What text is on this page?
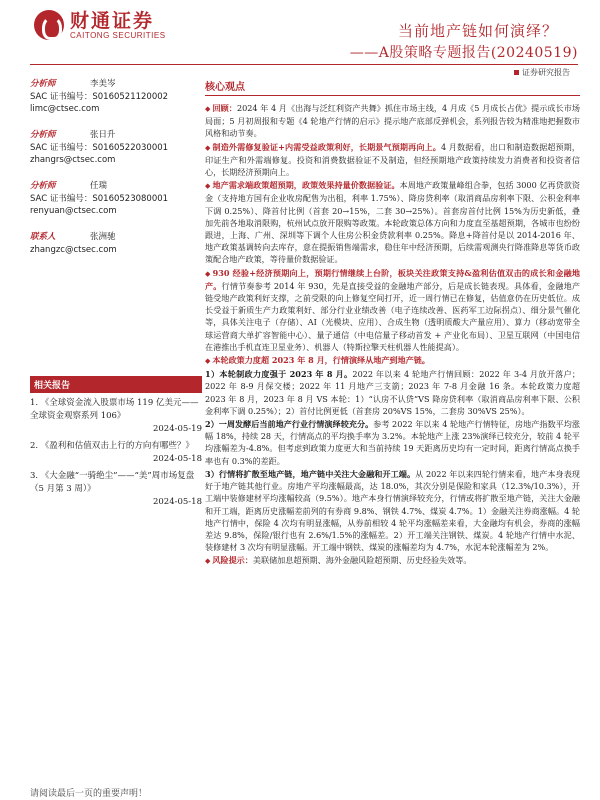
财通证券
CAITONG SECURITIES	当前地产链如何演绎？
——A股策略专题报告(20240519)
证券研究报告
分析师	李美岑
SAC 证书编号：S0160521120002
limc@ctsec.com
分析师	张日升
SAC 证书编号：S0160522030001
zhangrs@ctsec.com
分析师	任瑞
SAC 证书编号：S0160523080001
renyuan@ctsec.com
联系人	张洲驰
zhangzc@ctsec.com
相关报告
1. 《全球资金流入股票市场 119 亿美元——全球资金观察系列 106》
2024-05-19
2. 《盈利和估值双击上行的方向有哪些？》
2024-05-18
3. 《大金融“一骑绝尘”——“美”周市场复盘（5 月第 3 周）》
2024-05-18
核心观点

◆ 回顾：2024 年 4 月《出海与泛红利资产共舞》抓住市场主线，4 月成《5 月成长占优》提示成长市场局面；5 月初周报和专题《4 轮地产行情的启示》提示地产底部反弹机会，系列报告较为精准地把握数市风格和动节奏。

◆ 制造外需修复验证+内需受益政策利好，长期景气预期再向上。4 月数据看，出口和制造数据超预期，印证生产和外需端修复。投资和消费数据验证不及制造，但经预期地产政策持续发力消费者和投资者信心，长期经济预期向上。

◆ 地产需求端政策超预期，政策效果持量价数据验证。本周地产政策量峰组合拳，包括 3000 亿再贷款资金（支持地方国有企业收房配售为出租，利率 1.75%）、降房贷利率（取消商品房利率下限、公积金利率下调 0.25%）、降首付比例（首套 20→15%，二套 30→25%）。首套房首付比例 15%为历史新低，叠加先前各地取消限购，杭州试点放开限购等政策。本轮政策总体方向和力度直至基超预期，各城市也纷纷跟进，上海、广州、深圳等下调个人住房公积金贷款利率 0.25%。降息+降首付是以 2014-2016 年、地产政策基调转向去库存，意在提振销售端需求，稳住年中经济预期，后续需观测央行降准降息等货币政策配合地产政策，等待量价数据验证。

◆ 930 经验+经济预期向上，预期行情继续上台阶，板块关注政策支持&盈利估值双击的成长和金融地产。行情节奏参考 2014 年 930，先是直接受益的金融地产部分，后是成长链表现。具体看，金融地产链受地产政策利好支撑，之前受限的向上修复空间打开，近一周行情已在修复，估值意仍在历史低位。成长受益于新质生产力政策利好、部分行业业绩改善（电子连续改善、医药军工边际拐点）、细分景气催化等，具体关注电子（存储）、AI（光模块、应用）、合成生物（透明质酸大产量应用）、算力（移动宽带全球运营商大单扩容智能中心）、量子通信（中电信量子移动首发 + 产业化布局）、卫星互联网（中国电信在港推出手机直连卫星业务）、机器人（特斯拉擎天柱机器人性能提高）。

◆ 本轮政策力度超 2023 年 8 月，行情演绎从地产到地产链。

1）本轮制政力度强于 2023 年 8 月。2022 年以来 4 轮地产行情回顾：2022 年 3-4 月放开落户；2022 年 8-9 月保交楼；2022 年 11 月地产三支箭；2023 年 7-8 月金融 16 条。本轮政策力度超 2023 年 8 月，2023 年 8 月 VS 本轮：1）“认房不认贷”VS 降房贷利率（取消商品房利率下限、公积金利率下调 0.25%）；2）首付比例更低（首套房 20%VS 15%，二套房 30%VS 25%）。

2）一周发酵后当前地产行业行情演绎较充分。参考 2022 年以来 4 轮地产行情特征，房地产指数平均涨幅 18%，持续 28 天，行情高点的平均换手率为 3.2%。本轮地产上涨 23%演绎已较充分，较前 4 轮平均涨幅差为-4.8%。但考虑到政策力度更大和当前持续 19 天距离历史均有一定时间，距离行情高点换手率也有 0.3%的差距。

3）行情将扩散至地产链，地产链中关注大金融和开工端。从 2022 年以来四轮行情来看，地产本身表现好于地产链其他行业。房地产平均涨幅最高，达 18.0%，其次分别是保险和家具（12.3%/10.3%），开工端中装修建材平均涨幅较高（9.5%）。地产本身行情演绎较充分，行情或将扩散至地产链，关注大金融和开工端，距离历史涨幅差前列的有券商 9.8%、钢铁 4.7%、煤炭 4.7%。1）金融关注券商涨幅。4 轮地产行情中，保险 4 次均有明显涨幅，从券前相较 4 轮平均涨幅差来看，大金融均有机会，券商的涨幅差达 9.8%，保险/银行也有 2.6%/1.5%的涨幅差。2）开工端关注钢铁、煤炭。4 轮地产行情中水泥、装修建材 3 次均有明显涨幅。开工端中钢铁、煤炭的涨幅差均为 4.7%，水泥本轮涨幅差为 2%。

◆ 风险提示：美联储加息超预期、海外金融风险超预期、历史经验失效等。

请阅读最后一页的重要声明！
